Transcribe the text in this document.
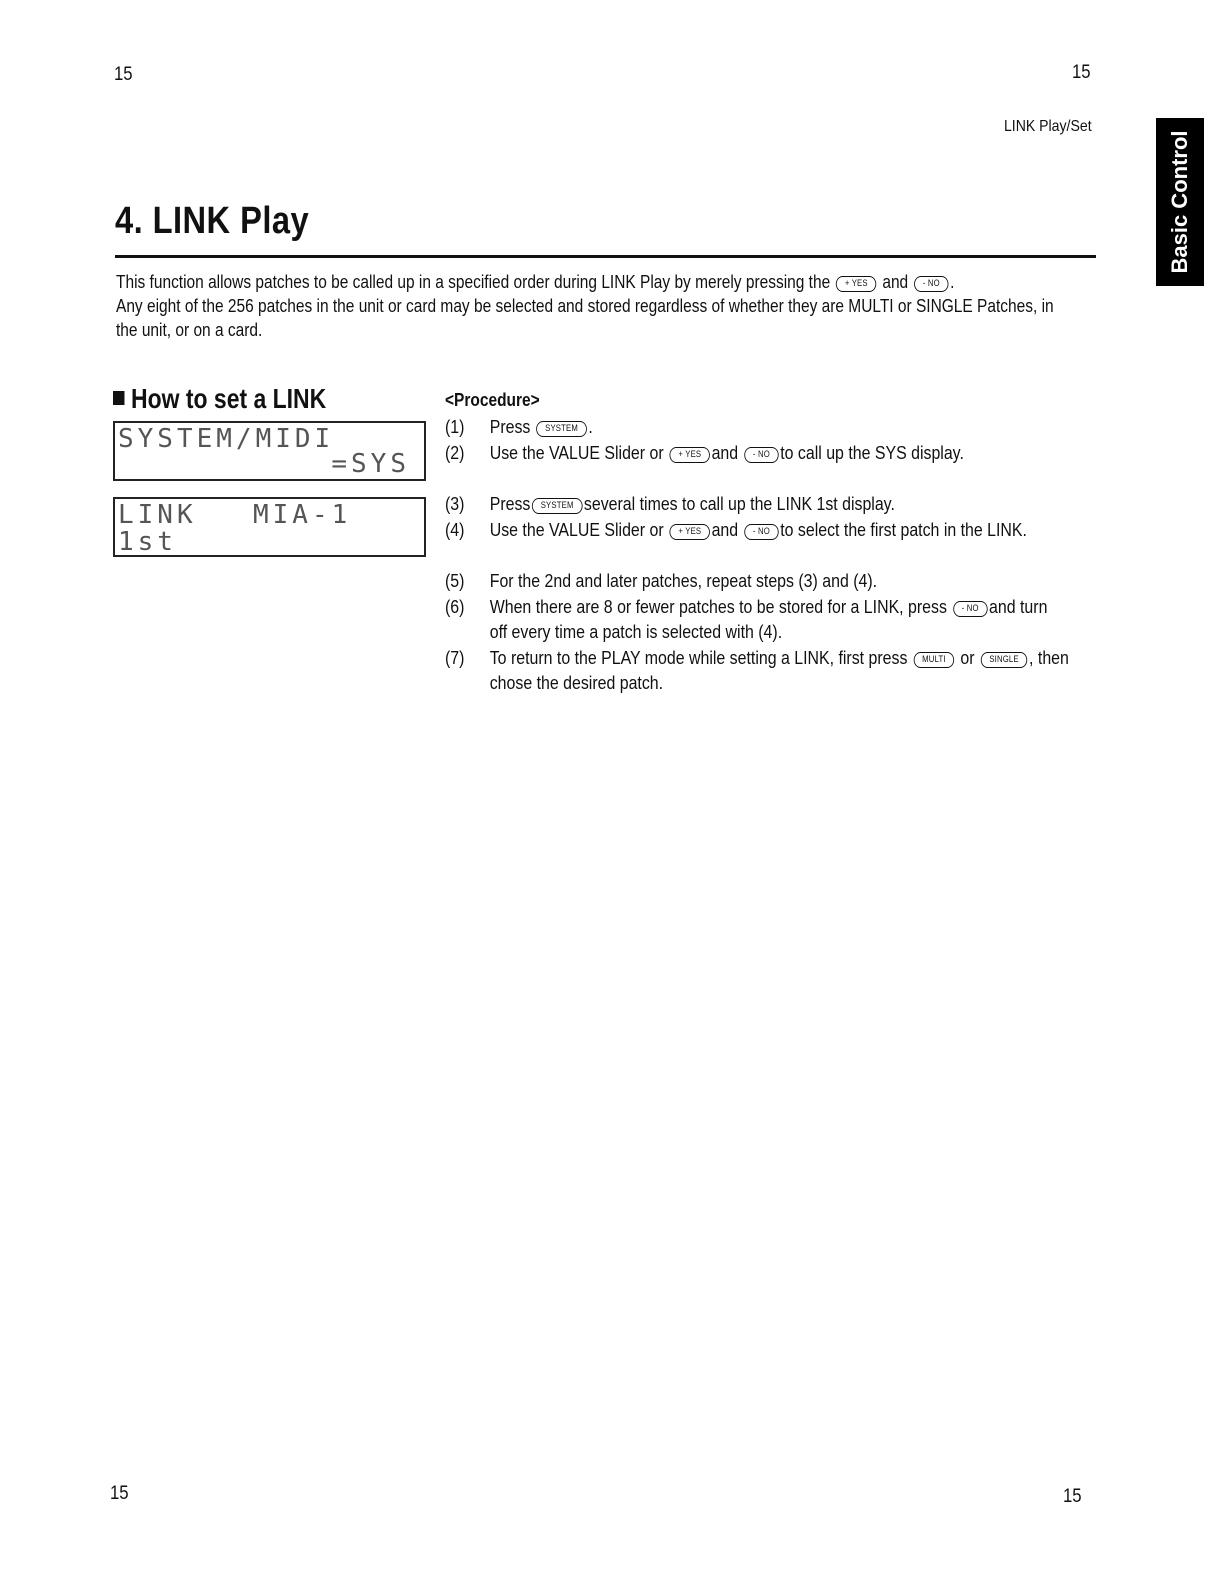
15	15
LINK Play/Set
Basic Control
4. LINK Play

This function allows patches to be called up in a specified order during LINK Play by merely pressing the + YES and - NO .

Any eight of the 256 patches in the unit or card may be selected and stored regardless of whether they are MULTI or SINGLE Patches, in the unit, or on a card.

How to set a LINK
SYSTEM/MIDI
=SYS
LINK MIA-1
1st
<Procedure>
(1) Press SYSTEM .
(2) Use the VALUE Slider or + YES and - NO to call up the SYS display.
(3) Press SYSTEM several times to call up the LINK 1st display.
(4) Use the VALUE Slider or + YES and - NO to select the first patch in the LINK.
(5) For the 2nd and later patches, repeat steps (3) and (4).
(6) When there are 8 or fewer patches to be stored for a LINK, press - NO and turn off every time a patch is selected with (4).
(7) To return to the PLAY mode while setting a LINK, first press MULTI or SINGLE , then chose the desired patch.
15	15
